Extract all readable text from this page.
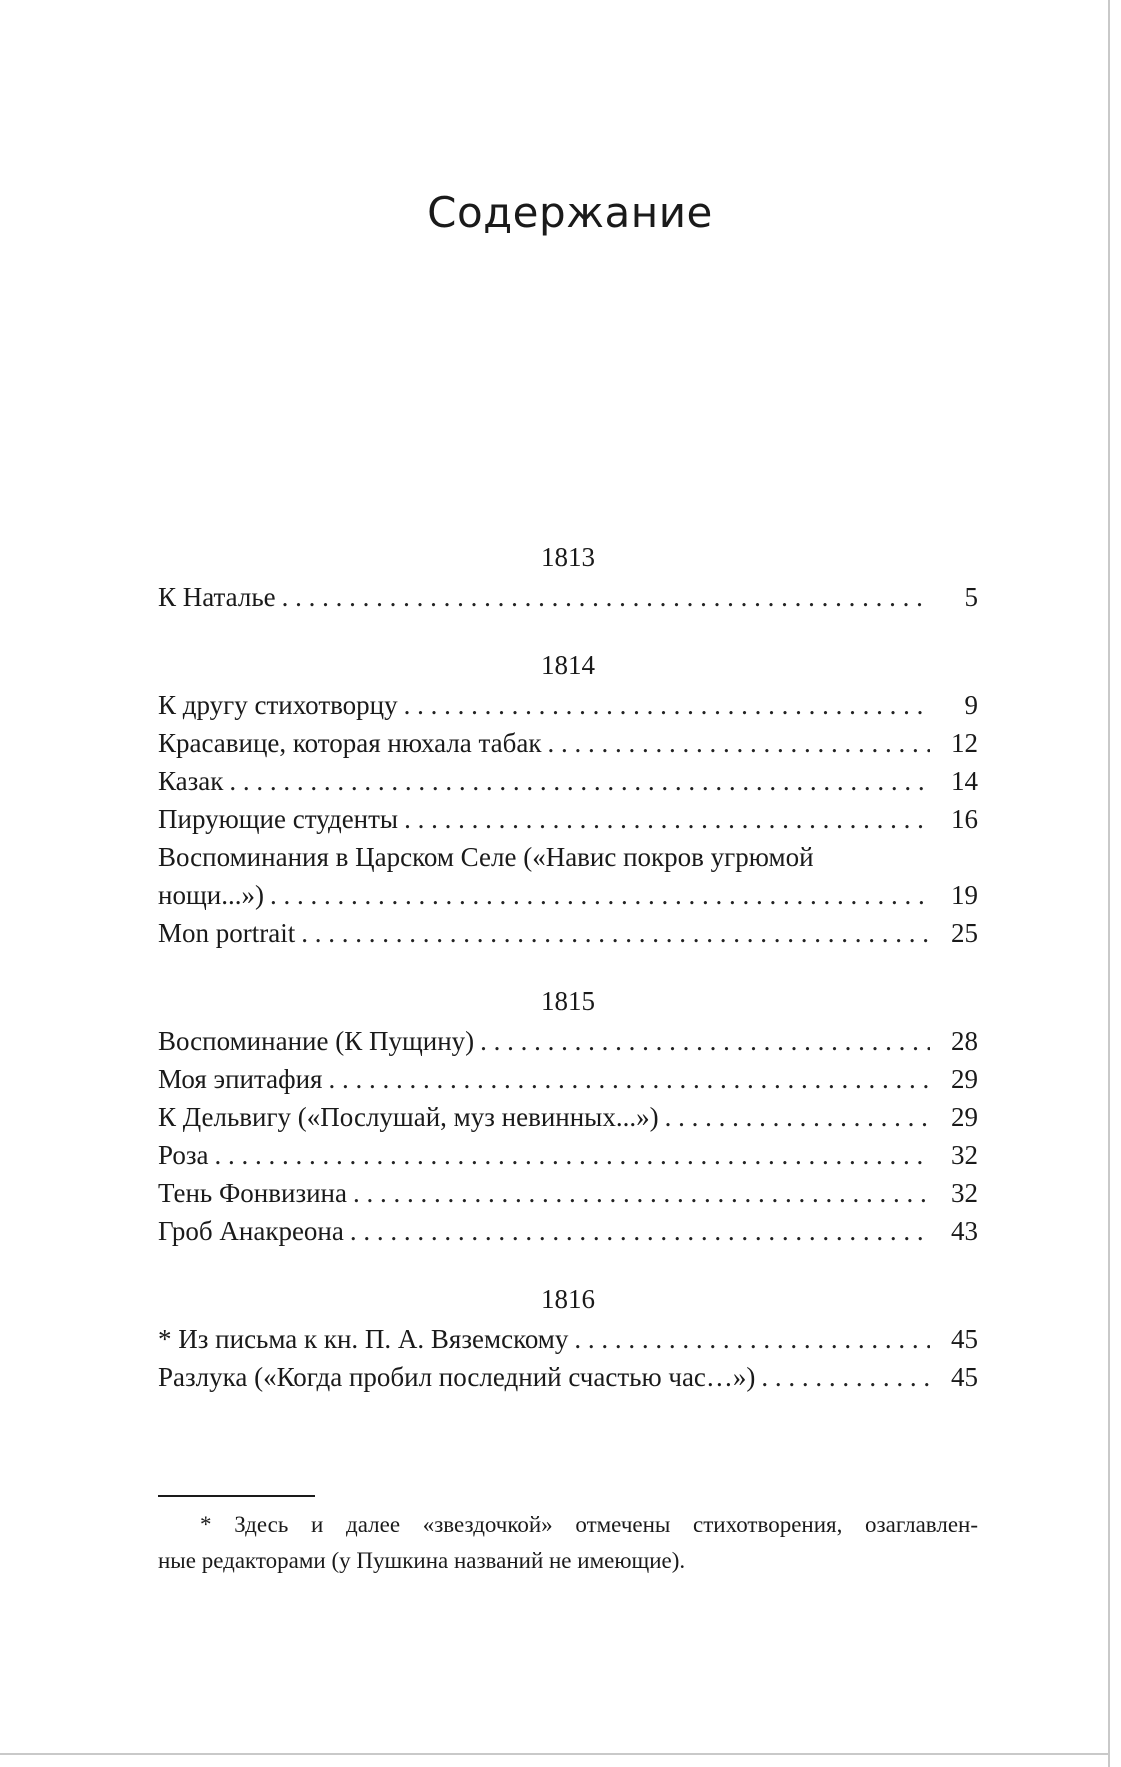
Содержание
1813
К Наталье . . .	5
1814
К другу стихотворцу . . .	9
Красавице, которая нюхала табак . . .	12
Казак . . .	14
Пирующие студенты . . .	16
Воспоминания в Царском Селе («Навис покров угрюмой
нощи...») . . .	19
Mon portrait . . .	25
1815
Воспоминание (К Пущину) . . .	28
Моя эпитафия . . .	29
К Дельвигу («Послушай, муз невинных...») . . .	29
Роза . . .	32
Тень Фонвизина . . .	32
Гроб Анакреона . . .	43
1816
* Из письма к кн. П. А. Вяземскому . . .	45
Разлука («Когда пробил последний счастью час…») . . .	45
* Здесь и далее «звездочкой» отмечены стихотворения, озаглавлен-
ные редакторами (у Пушкина названий не имеющие).
